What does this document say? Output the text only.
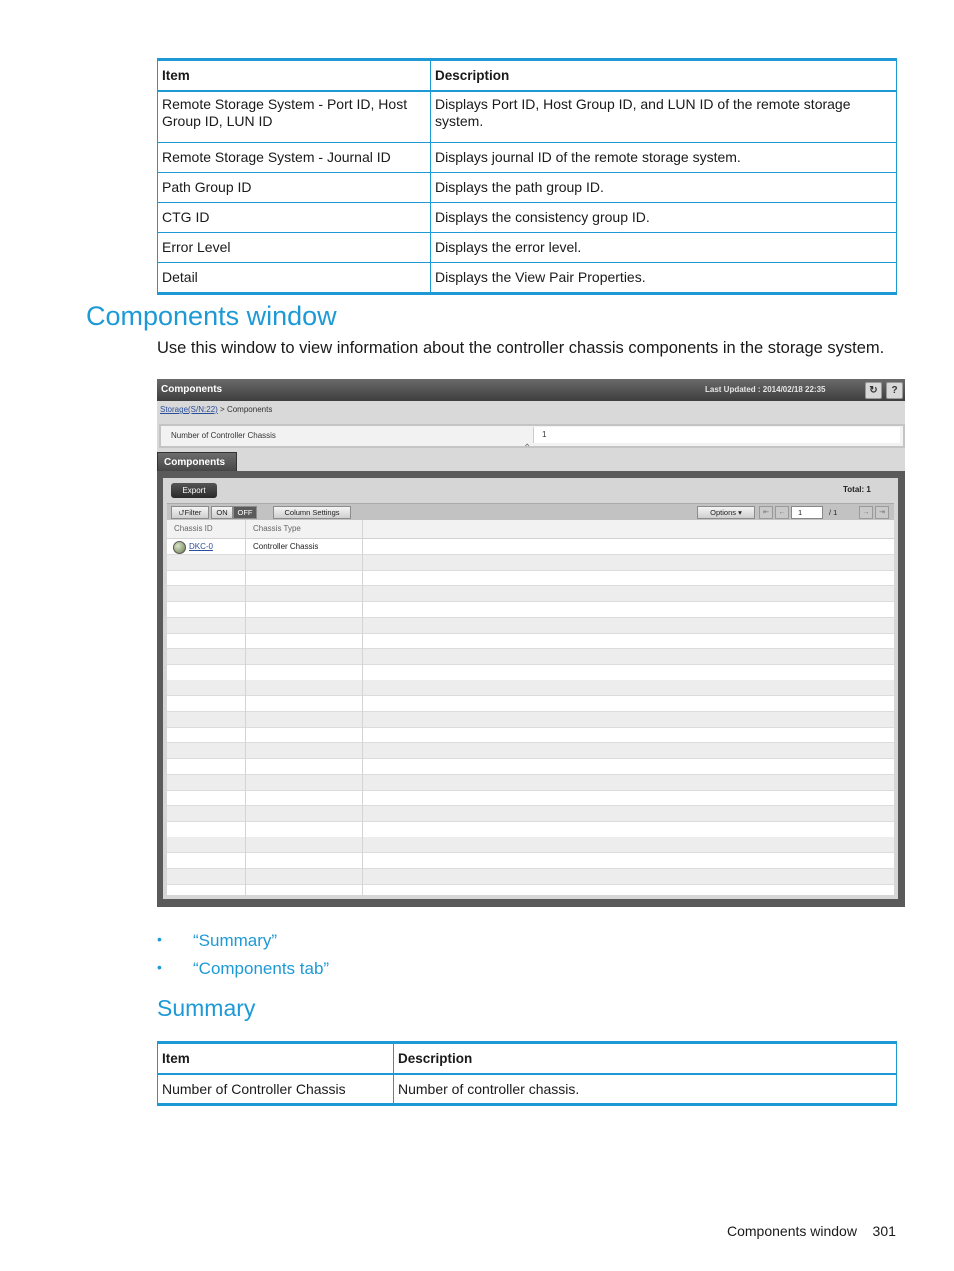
Item	Description
Remote Storage System - Port ID, Host Group ID, LUN ID	Displays Port ID, Host Group ID, and LUN ID of the remote storage system.
Remote Storage System - Journal ID	Displays journal ID of the remote storage system.
Path Group ID	Displays the path group ID.
CTG ID	Displays the consistency group ID.
Error Level	Displays the error level.
Detail	Displays the View Pair Properties.
Components window
Use this window to view information about the controller chassis components in the storage system.
Components	Last Updated : 2014/02/18 22:35	↻	?
Storage(S/N:22) > Components
Number of Controller Chassis	1
⌃
Components
Export	Total: 1
⮍Filter	ON	OFF	Column Settings	Options ▾	⇤	←	1	/ 1	→	⇥
Chassis ID	Chassis Type
DKC-0	Controller Chassis
• “Summary”
• “Components tab”
Summary
Item	Description
Number of Controller Chassis	Number of controller chassis.
Components window 301
